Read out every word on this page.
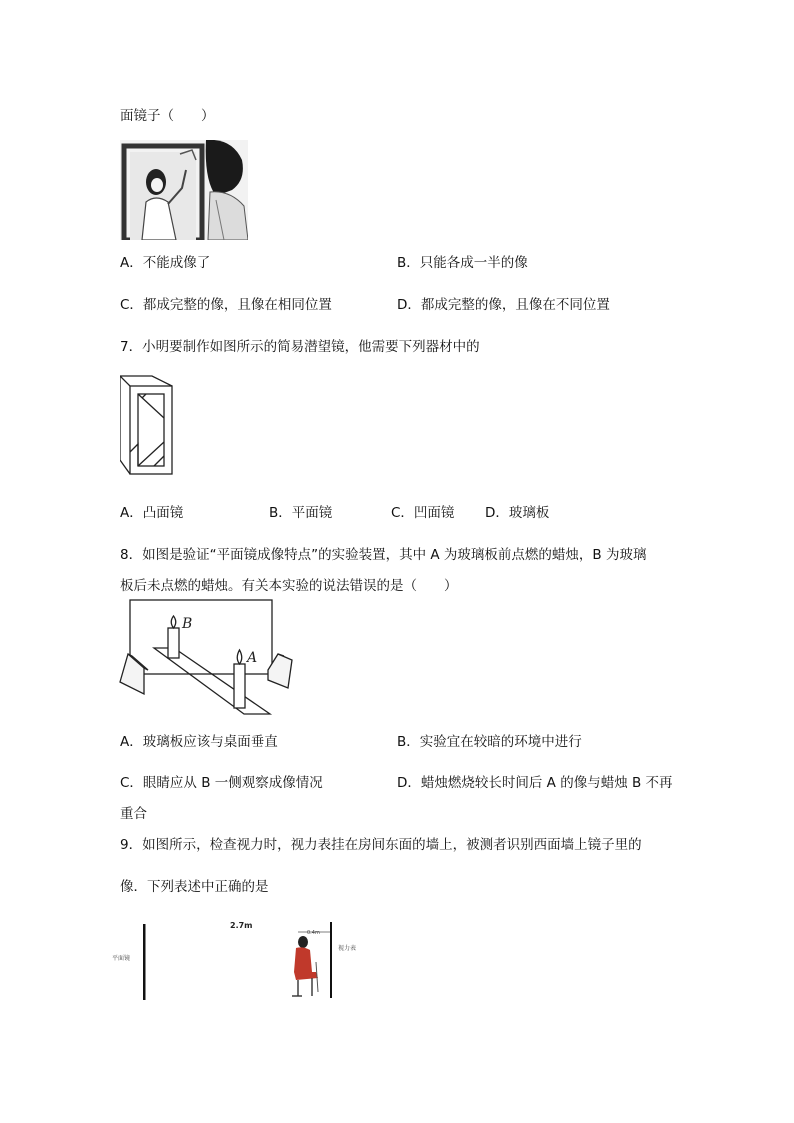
面镜子（　　）
A．不能成像了	B．只能各成一半的像
C．都成完整的像，且像在相同位置	D．都成完整的像，且像在不同位置
7．小明要制作如图所示的简易潜望镜，他需要下列器材中的
A．凸面镜	B．平面镜	C．凹面镜 D．玻璃板
8．如图是验证“平面镜成像特点”的实验装置，其中 A 为玻璃板前点燃的蜡烛，B 为玻璃
板后未点燃的蜡烛。有关本实验的说法错误的是（　　）
B
A
A．玻璃板应该与桌面垂直	B．实验宜在较暗的环境中进行
C．眼睛应从 B 一侧观察成像情况	D．蜡烛燃烧较长时间后 A 的像与蜡烛 B 不再
重合
9．如图所示，检查视力时，视力表挂在房间东面的墙上，被测者识别西面墙上镜子里的
像．下列表述中正确的是
平面镜
2.7m
0.4m
视力表
